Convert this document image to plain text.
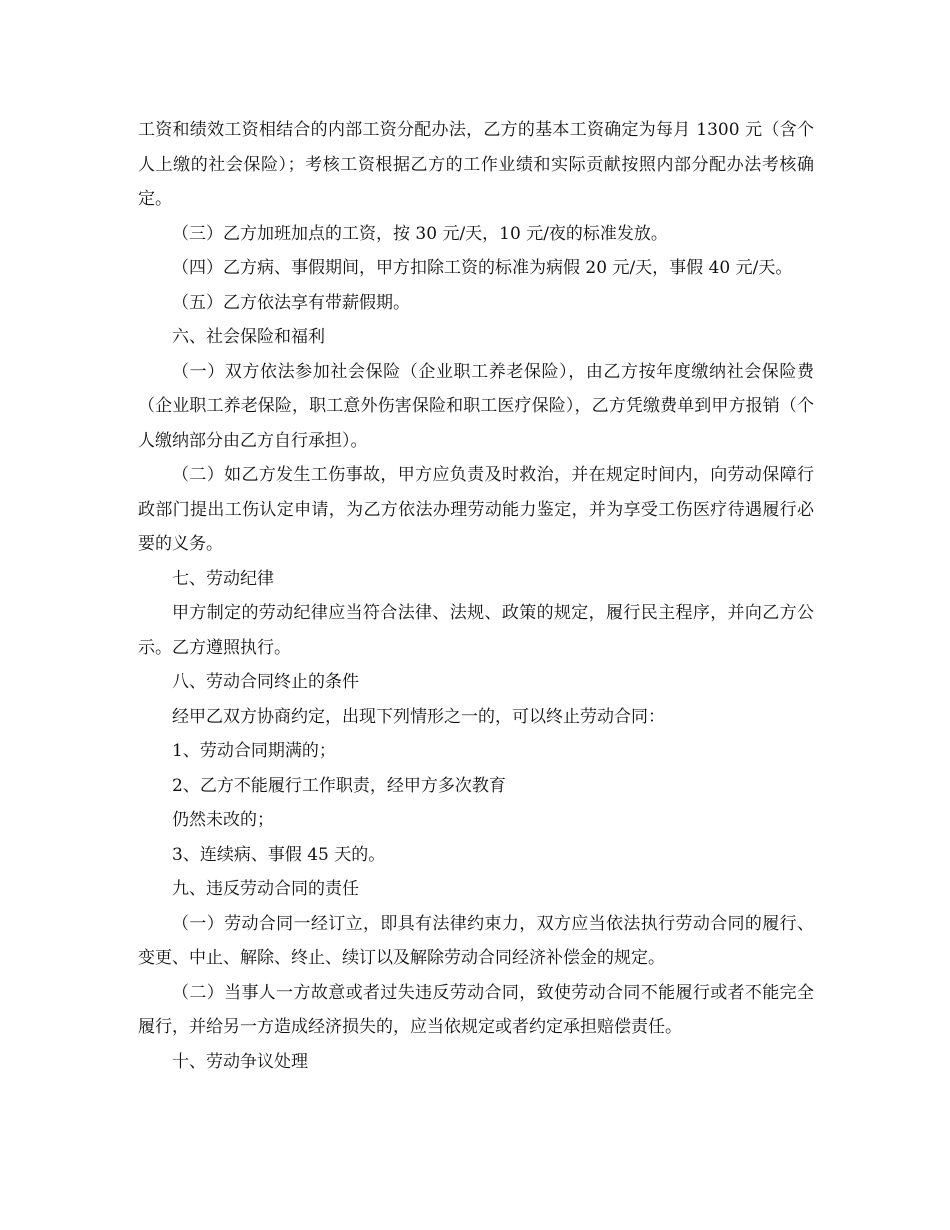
工资和绩效工资相结合的内部工资分配办法，乙方的基本工资确定为每月 1300 元（含个人上缴的社会保险）；考核工资根据乙方的工作业绩和实际贡献按照内部分配办法考核确定。

（三）乙方加班加点的工资，按 30 元/天，10 元/夜的标准发放。

（四）乙方病、事假期间，甲方扣除工资的标准为病假 20 元/天，事假 40 元/天。

（五）乙方依法享有带薪假期。

六、社会保险和福利

（一）双方依法参加社会保险（企业职工养老保险），由乙方按年度缴纳社会保险费（企业职工养老保险，职工意外伤害保险和职工医疗保险），乙方凭缴费单到甲方报销（个人缴纳部分由乙方自行承担）。

（二）如乙方发生工伤事故，甲方应负责及时救治，并在规定时间内，向劳动保障行政部门提出工伤认定申请，为乙方依法办理劳动能力鉴定，并为享受工伤医疗待遇履行必要的义务。

七、劳动纪律

甲方制定的劳动纪律应当符合法律、法规、政策的规定，履行民主程序，并向乙方公示。乙方遵照执行。

八、劳动合同终止的条件

经甲乙双方协商约定，出现下列情形之一的，可以终止劳动合同：

1、劳动合同期满的；

2、乙方不能履行工作职责，经甲方多次教育

仍然未改的；

3、连续病、事假 45 天的。

九、违反劳动合同的责任

（一）劳动合同一经订立，即具有法律约束力，双方应当依法执行劳动合同的履行、变更、中止、解除、终止、续订以及解除劳动合同经济补偿金的规定。

（二）当事人一方故意或者过失违反劳动合同，致使劳动合同不能履行或者不能完全履行，并给另一方造成经济损失的，应当依规定或者约定承担赔偿责任。

十、劳动争议处理
